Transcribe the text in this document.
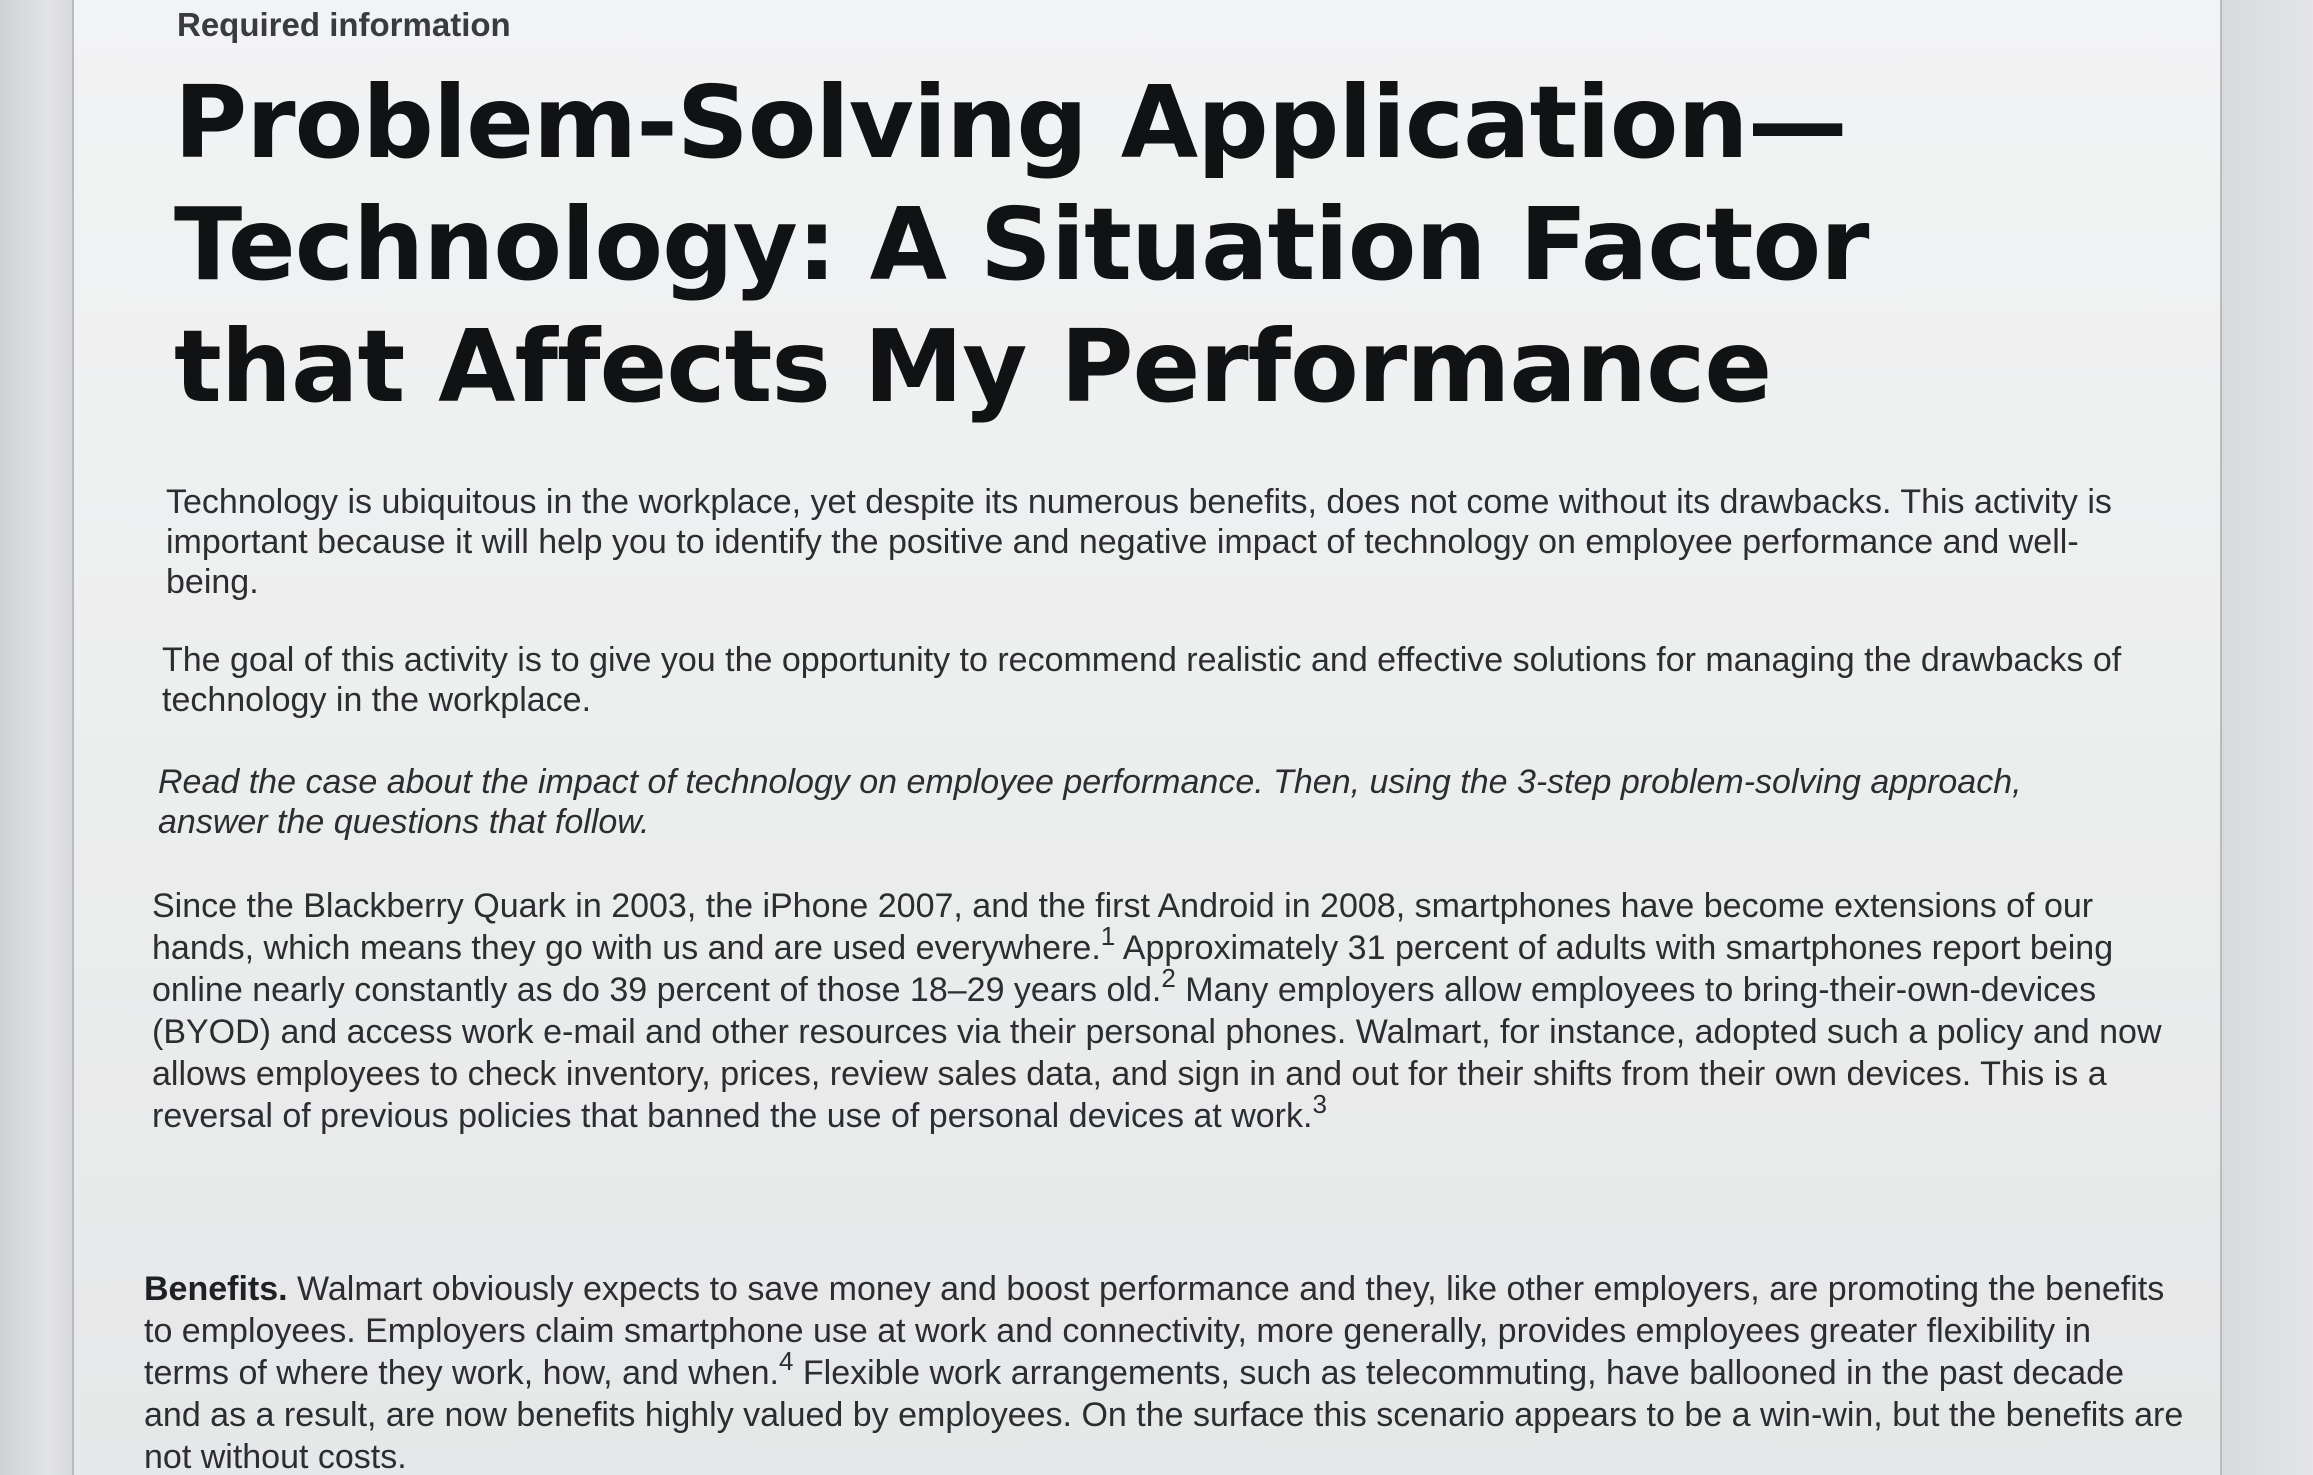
Required information

Problem-Solving Application— Technology: A Situation Factor that Affects My Performance

Technology is ubiquitous in the workplace, yet despite its numerous benefits, does not come without its drawbacks. This activity is important because it will help you to identify the positive and negative impact of technology on employee performance and well-being.

The goal of this activity is to give you the opportunity to recommend realistic and effective solutions for managing the drawbacks of technology in the workplace.

Read the case about the impact of technology on employee performance. Then, using the 3-step problem-solving approach, answer the questions that follow.

Since the Blackberry Quark in 2003, the iPhone 2007, and the first Android in 2008, smartphones have become extensions of our hands, which means they go with us and are used everywhere.$^1$ Approximately 31 percent of adults with smartphones report being online nearly constantly as do 39 percent of those 18–29 years old.$^2$ Many employers allow employees to bring-their-own-devices (BYOD) and access work e-mail and other resources via their personal phones. Walmart, for instance, adopted such a policy and now allows employees to check inventory, prices, review sales data, and sign in and out for their shifts from their own devices. This is a reversal of previous policies that banned the use of personal devices at work.$^3$

Benefits. Walmart obviously expects to save money and boost performance and they, like other employers, are promoting the benefits to employees. Employers claim smartphone use at work and connectivity, more generally, provides employees greater flexibility in terms of where they work, how, and when.$^4$ Flexible work arrangements, such as telecommuting, have ballooned in the past decade and as a result, are now benefits highly valued by employees. On the surface this scenario appears to be a win-win, but the benefits are not without costs.
